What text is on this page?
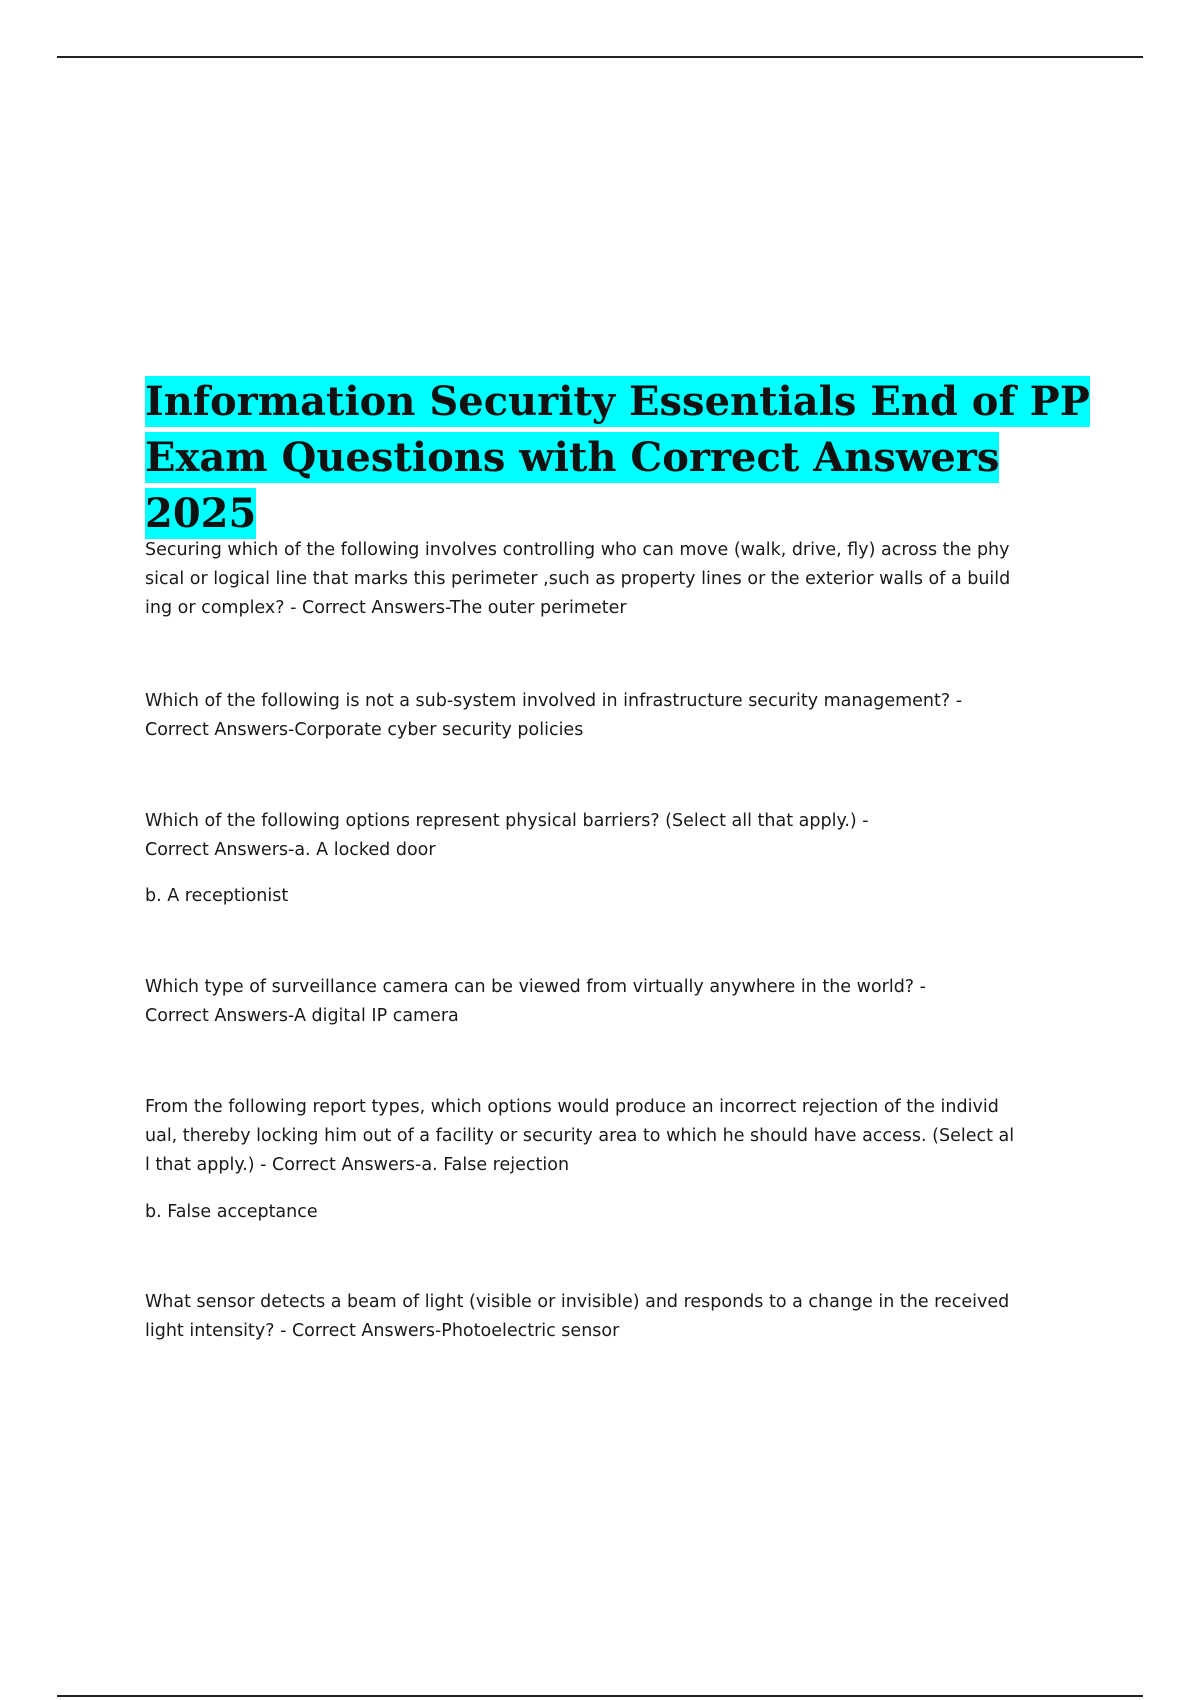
Information Security Essentials End of PP
Exam Questions with Correct Answers 2025

Securing which of the following involves controlling who can move (walk, drive, fly) across the phy
sical or logical line that marks this perimeter ,such as property lines or the exterior walls of a build
ing or complex? - Correct Answers-The outer perimeter

Which of the following is not a sub-system involved in infrastructure security management? -
Correct Answers-Corporate cyber security policies

Which of the following options represent physical barriers? (Select all that apply.) -
Correct Answers-a. A locked door

b. A receptionist

Which type of surveillance camera can be viewed from virtually anywhere in the world? -
Correct Answers-A digital IP camera

From the following report types, which options would produce an incorrect rejection of the individ
ual, thereby locking him out of a facility or security area to which he should have access. (Select al
l that apply.) - Correct Answers-a. False rejection

b. False acceptance

What sensor detects a beam of light (visible or invisible) and responds to a change in the received
light intensity? - Correct Answers-Photoelectric sensor
